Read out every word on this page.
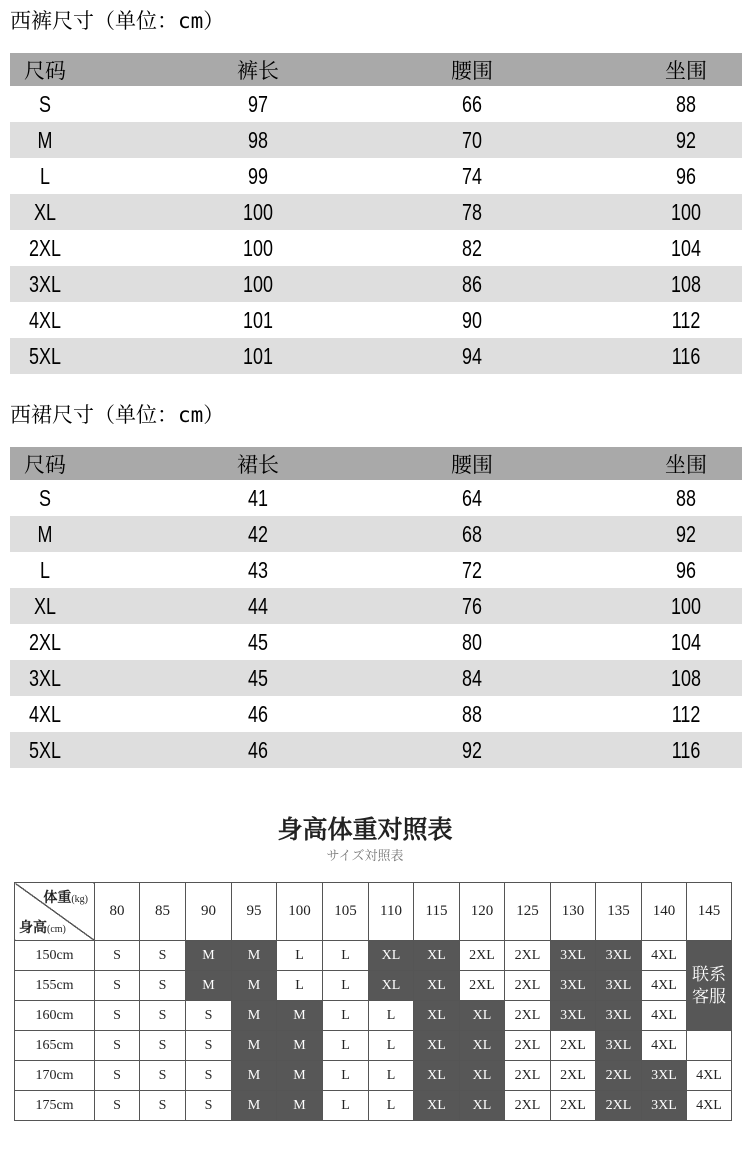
西裤尺寸（单位：cm）
尺码	裤长	腰围	坐围
S	97	66	88
M	98	70	92
L	99	74	96
XL	100	78	100
2XL	100	82	104
3XL	100	86	108
4XL	101	90	112
5XL	101	94	116
西裙尺寸（单位：cm）
尺码	裙长	腰围	坐围
S	41	64	88
M	42	68	92
L	43	72	96
XL	44	76	100
2XL	45	80	104
3XL	45	84	108
4XL	46	88	112
5XL	46	92	116
身高体重对照表
サイズ対照表
体重(kg)
身高(cm)	80	85	90	95	100	105	110	115	120	125	130	135	140	145
150cm	S	S	M	M	L	L	XL	XL	2XL	2XL	3XL	3XL	4XL	联系客服
155cm	S	S	M	M	L	L	XL	XL	2XL	2XL	3XL	3XL	4XL	
160cm	S	S	S	M	M	L	L	XL	XL	2XL	3XL	3XL	4XL	
165cm	S	S	S	M	M	L	L	XL	XL	2XL	2XL	3XL	4XL	
170cm	S	S	S	M	M	L	L	XL	XL	2XL	2XL	2XL	3XL	4XL
175cm	S	S	S	M	M	L	L	XL	XL	2XL	2XL	2XL	3XL	4XL
